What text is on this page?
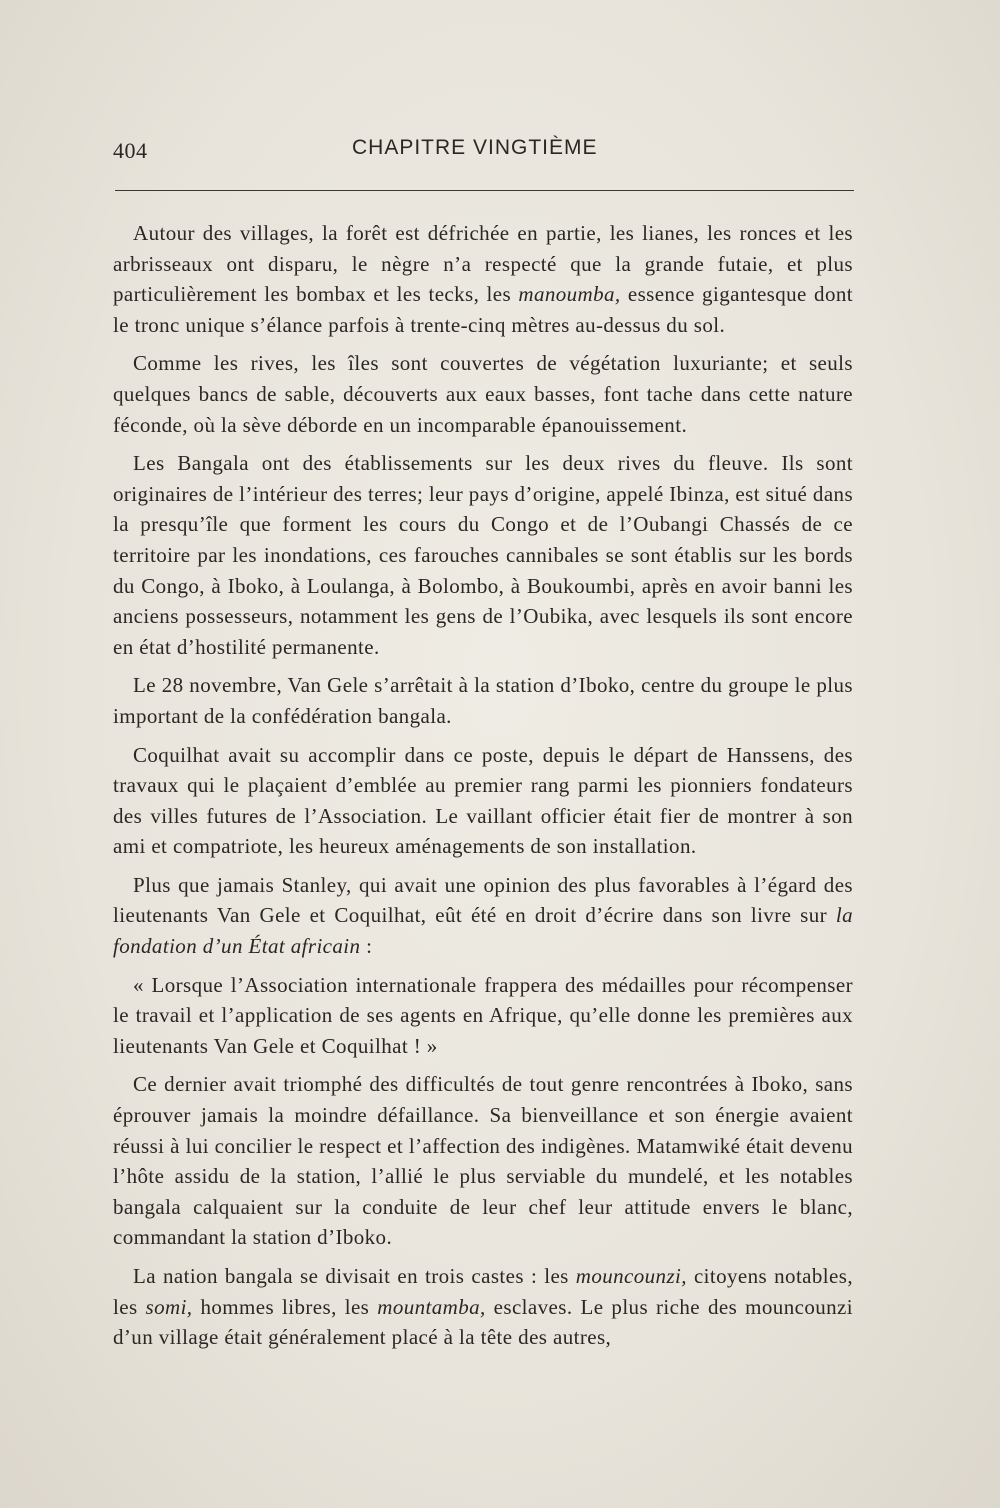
404	CHAPITRE VINGTIÈME

Autour des villages, la forêt est défrichée en partie, les lianes, les ronces et les arbrisseaux ont disparu, le nègre n’a respecté que la grande futaie, et plus particulièrement les bombax et les tecks, les manoumba, essence gigantesque dont le tronc unique s’élance parfois à trente-cinq mètres au-dessus du sol.

Comme les rives, les îles sont couvertes de végétation luxuriante; et seuls quelques bancs de sable, découverts aux eaux basses, font tache dans cette nature féconde, où la sève déborde en un incomparable épanouissement.

Les Bangala ont des établissements sur les deux rives du fleuve. Ils sont originaires de l’intérieur des terres; leur pays d’origine, appelé Ibinza, est situé dans la presqu’île que forment les cours du Congo et de l’Oubangi Chassés de ce territoire par les inondations, ces farouches cannibales se sont établis sur les bords du Congo, à Iboko, à Loulanga, à Bolombo, à Boukoumbi, après en avoir banni les anciens possesseurs, notamment les gens de l’Oubika, avec lesquels ils sont encore en état d’hostilité permanente.

Le 28 novembre, Van Gele s’arrêtait à la station d’Iboko, centre du groupe le plus important de la confédération bangala.

Coquilhat avait su accomplir dans ce poste, depuis le départ de Hanssens, des travaux qui le plaçaient d’emblée au premier rang parmi les pionniers fondateurs des villes futures de l’Association. Le vaillant officier était fier de montrer à son ami et compatriote, les heureux aménagements de son installation.

Plus que jamais Stanley, qui avait une opinion des plus favorables à l’égard des lieutenants Van Gele et Coquilhat, eût été en droit d’écrire dans son livre sur la fondation d’un État africain :

« Lorsque l’Association internationale frappera des médailles pour récompenser le travail et l’application de ses agents en Afrique, qu’elle donne les premières aux lieutenants Van Gele et Coquilhat ! »

Ce dernier avait triomphé des difficultés de tout genre rencontrées à Iboko, sans éprouver jamais la moindre défaillance. Sa bienveillance et son énergie avaient réussi à lui concilier le respect et l’affection des indigènes. Matamwiké était devenu l’hôte assidu de la station, l’allié le plus serviable du mundelé, et les notables bangala calquaient sur la conduite de leur chef leur attitude envers le blanc, commandant la station d’Iboko.

La nation bangala se divisait en trois castes : les mouncounzi, citoyens notables, les somi, hommes libres, les mountamba, esclaves. Le plus riche des mouncounzi d’un village était généralement placé à la tête des autres,
